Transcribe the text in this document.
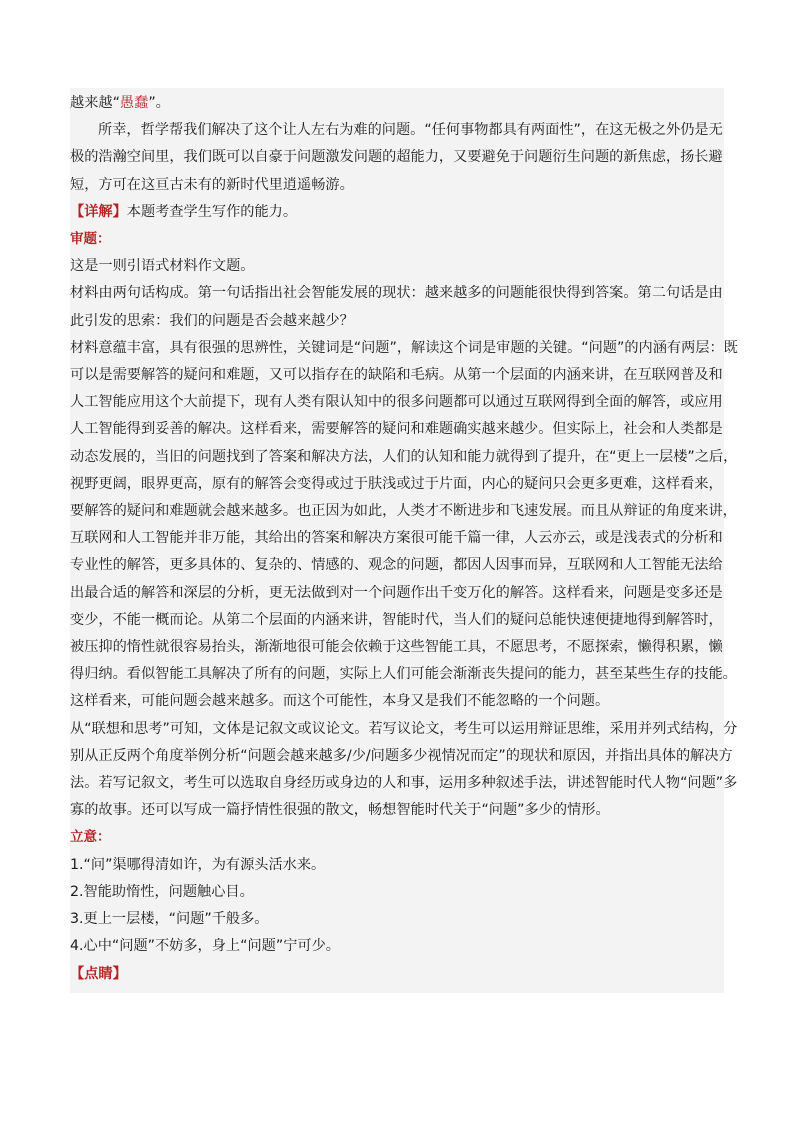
越来越“愚蠢”。

所幸，哲学帮我们解决了这个让人左右为难的问题。“任何事物都具有两面性”，在这无极之外仍是无

极的浩瀚空间里，我们既可以自豪于问题激发问题的超能力，又要避免于问题衍生问题的新焦虑，扬长避

短，方可在这亘古未有的新时代里逍遥畅游。

【详解】本题考查学生写作的能力。

审题：

这是一则引语式材料作文题。

材料由两句话构成。第一句话指出社会智能发展的现状：越来越多的问题能很快得到答案。第二句话是由

此引发的思索：我们的问题是否会越来越少？

材料意蕴丰富，具有很强的思辨性，关键词是“问题”，解读这个词是审题的关键。“问题”的内涵有两层：既

可以是需要解答的疑问和难题，又可以指存在的缺陷和毛病。从第一个层面的内涵来讲，在互联网普及和

人工智能应用这个大前提下，现有人类有限认知中的很多问题都可以通过互联网得到全面的解答，或应用

人工智能得到妥善的解决。这样看来，需要解答的疑问和难题确实越来越少。但实际上，社会和人类都是

动态发展的，当旧的问题找到了答案和解决方法，人们的认知和能力就得到了提升，在“更上一层楼”之后，

视野更阔，眼界更高，原有的解答会变得或过于肤浅或过于片面，内心的疑问只会更多更难，这样看来，

要解答的疑问和难题就会越来越多。也正因为如此，人类才不断进步和飞速发展。而且从辩证的角度来讲，

互联网和人工智能并非万能，其给出的答案和解决方案很可能千篇一律，人云亦云，或是浅表式的分析和

专业性的解答，更多具体的、复杂的、情感的、观念的问题，都因人因事而异，互联网和人工智能无法给

出最合适的解答和深层的分析，更无法做到对一个问题作出千变万化的解答。这样看来，问题是变多还是

变少，不能一概而论。从第二个层面的内涵来讲，智能时代，当人们的疑问总能快速便捷地得到解答时，

被压抑的惰性就很容易抬头，渐渐地很可能会依赖于这些智能工具，不愿思考，不愿探索，懒得积累，懒

得归纳。看似智能工具解决了所有的问题，实际上人们可能会渐渐丧失提问的能力，甚至某些生存的技能。

这样看来，可能问题会越来越多。而这个可能性，本身又是我们不能忽略的一个问题。

从“联想和思考”可知，文体是记叙文或议论文。若写议论文，考生可以运用辩证思维，采用并列式结构，分

别从正反两个角度举例分析“问题会越来越多/少/问题多少视情况而定”的现状和原因，并指出具体的解决方

法。若写记叙文，考生可以选取自身经历或身边的人和事，运用多种叙述手法，讲述智能时代人物“问题”多

寡的故事。还可以写成一篇抒情性很强的散文，畅想智能时代关于“问题”多少的情形。

立意：

1.“问”渠哪得清如许，为有源头活水来。

2.智能助惰性，问题触心目。

3.更上一层楼，“问题”千般多。

4.心中“问题”不妨多，身上“问题”宁可少。

【点睛】
